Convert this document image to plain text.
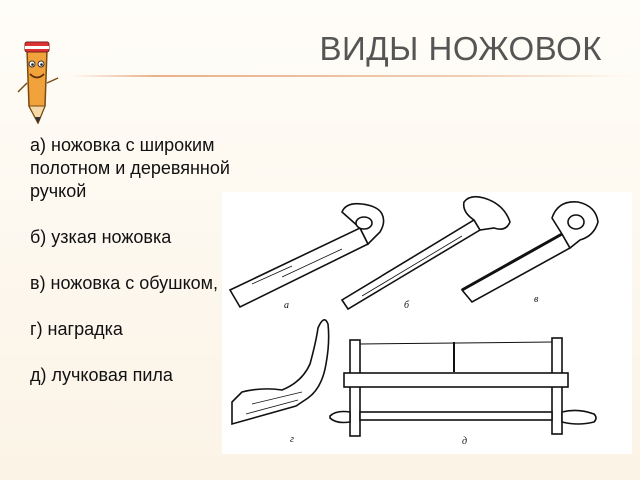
ВИДЫ НОЖОВОК

а) ножовка с широким полотном и деревянной ручкой

б) узкая ножовка

в) ножовка с обушком,

г) наградка

д) лучковая пила

а	б
в
г	д
